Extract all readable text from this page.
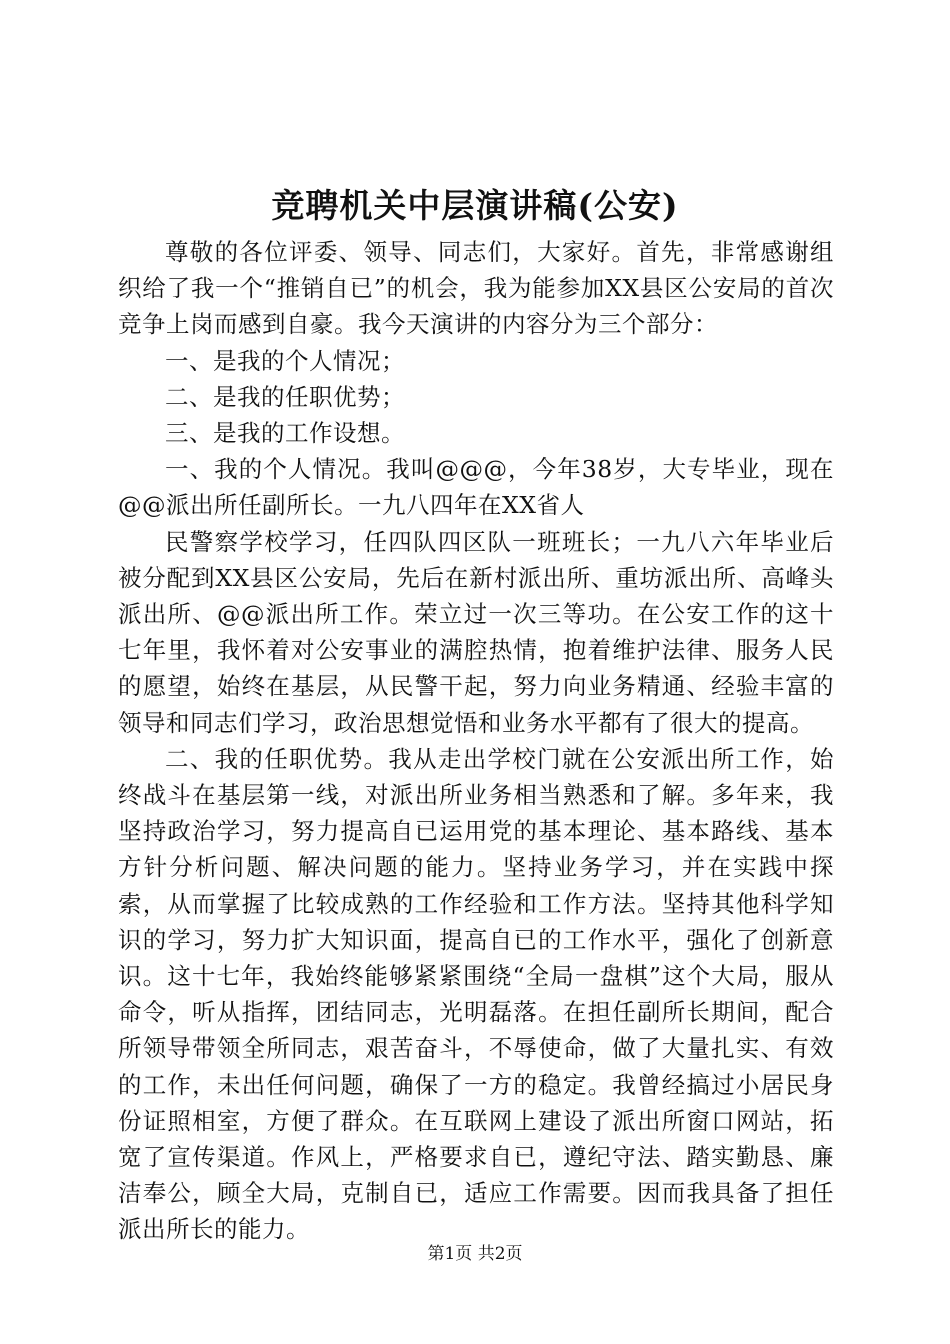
竞聘机关中层演讲稿(公安)

尊敬的各位评委、领导、同志们，大家好。首先，非常感谢组织给了我一个“推销自已”的机会，我为能参加XX县区公安局的首次竞争上岗而感到自豪。我今天演讲的内容分为三个部分：

一、是我的个人情况；

二、是我的任职优势；

三、是我的工作设想。

一、我的个人情况。我叫@@@，今年38岁，大专毕业，现在@@派出所任副所长。一九八四年在XX省人

民警察学校学习，任四队四区队一班班长；一九八六年毕业后被分配到XX县区公安局，先后在新村派出所、重坊派出所、高峰头派出所、@@派出所工作。荣立过一次三等功。在公安工作的这十七年里，我怀着对公安事业的满腔热情，抱着维护法律、服务人民的愿望，始终在基层，从民警干起，努力向业务精通、经验丰富的领导和同志们学习，政治思想觉悟和业务水平都有了很大的提高。

二、我的任职优势。我从走出学校门就在公安派出所工作，始终战斗在基层第一线，对派出所业务相当熟悉和了解。多年来，我坚持政治学习，努力提高自已运用党的基本理论、基本路线、基本方针分析问题、解决问题的能力。坚持业务学习，并在实践中探索，从而掌握了比较成熟的工作经验和工作方法。坚持其他科学知识的学习，努力扩大知识面，提高自已的工作水平，强化了创新意识。这十七年，我始终能够紧紧围绕“全局一盘棋”这个大局，服从命令，听从指挥，团结同志，光明磊落。在担任副所长期间，配合所领导带领全所同志，艰苦奋斗，不辱使命，做了大量扎实、有效的工作，未出任何问题，确保了一方的稳定。我曾经搞过小居民身份证照相室，方便了群众。在互联网上建设了派出所窗口网站，拓宽了宣传渠道。作风上，严格要求自已，遵纪守法、踏实勤恳、廉洁奉公，顾全大局，克制自已，适应工作需要。因而我具备了担任派出所长的能力。

第1页 共2页
